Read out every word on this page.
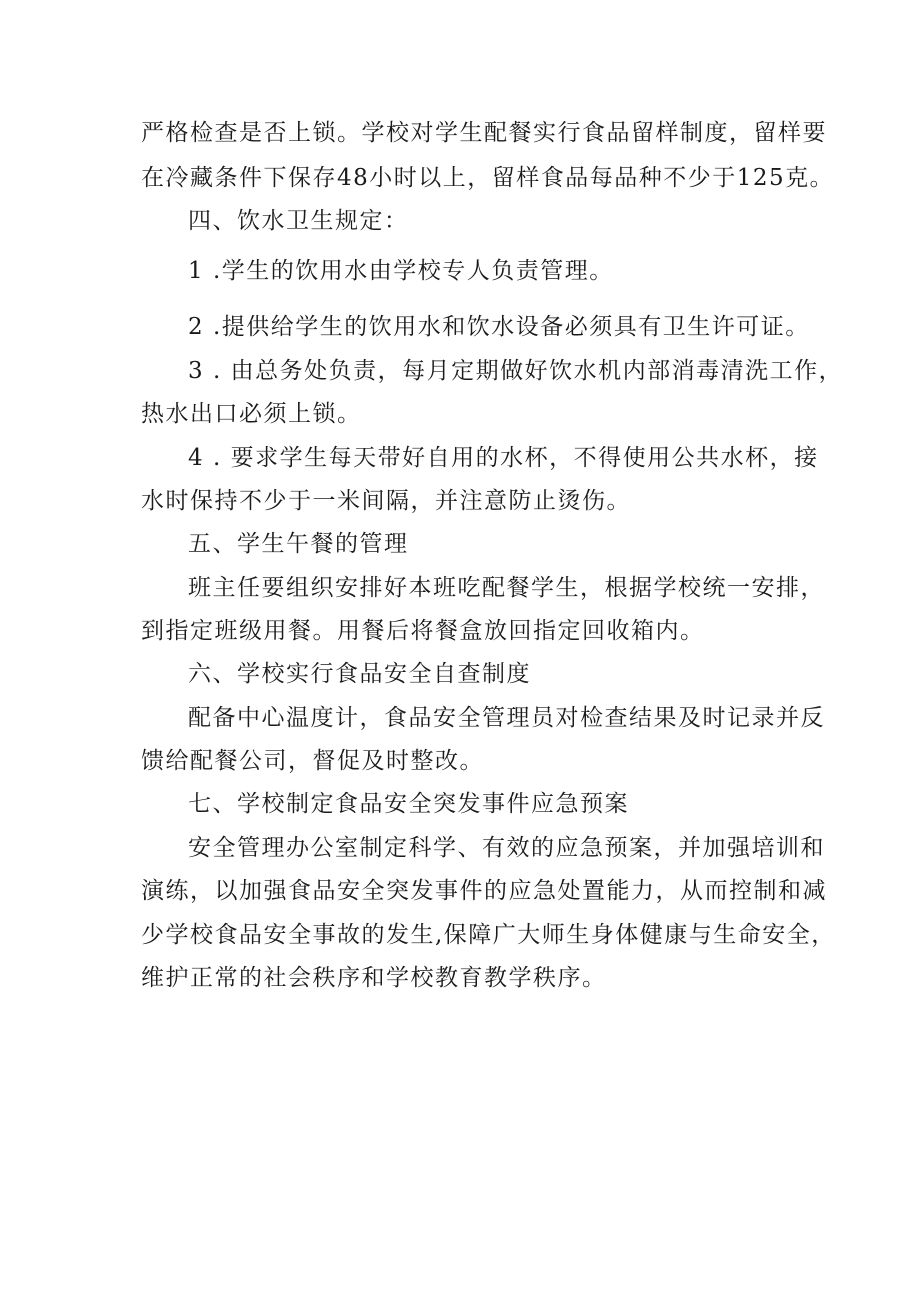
严格检查是否上锁。学校对学生配餐实行食品留样制度，留样要
在冷藏条件下保存48小时以上，留样食品每品种不少于125克。
四、饮水卫生规定：
1 .学生的饮用水由学校专人负责管理。
2 .提供给学生的饮用水和饮水设备必须具有卫生许可证。
3 . 由总务处负责，每月定期做好饮水机内部消毒清洗工作，
热水出口必须上锁。
4 . 要求学生每天带好自用的水杯，不得使用公共水杯，接
水时保持不少于一米间隔，并注意防止烫伤。
五、学生午餐的管理
班主任要组织安排好本班吃配餐学生，根据学校统一安排，
到指定班级用餐。用餐后将餐盒放回指定回收箱内。
六、学校实行食品安全自查制度
配备中心温度计，食品安全管理员对检查结果及时记录并反
馈给配餐公司，督促及时整改。
七、学校制定食品安全突发事件应急预案
安全管理办公室制定科学、有效的应急预案，并加强培训和
演练，以加强食品安全突发事件的应急处置能力，从而控制和减
少学校食品安全事故的发生,保障广大师生身体健康与生命安全，
维护正常的社会秩序和学校教育教学秩序。
